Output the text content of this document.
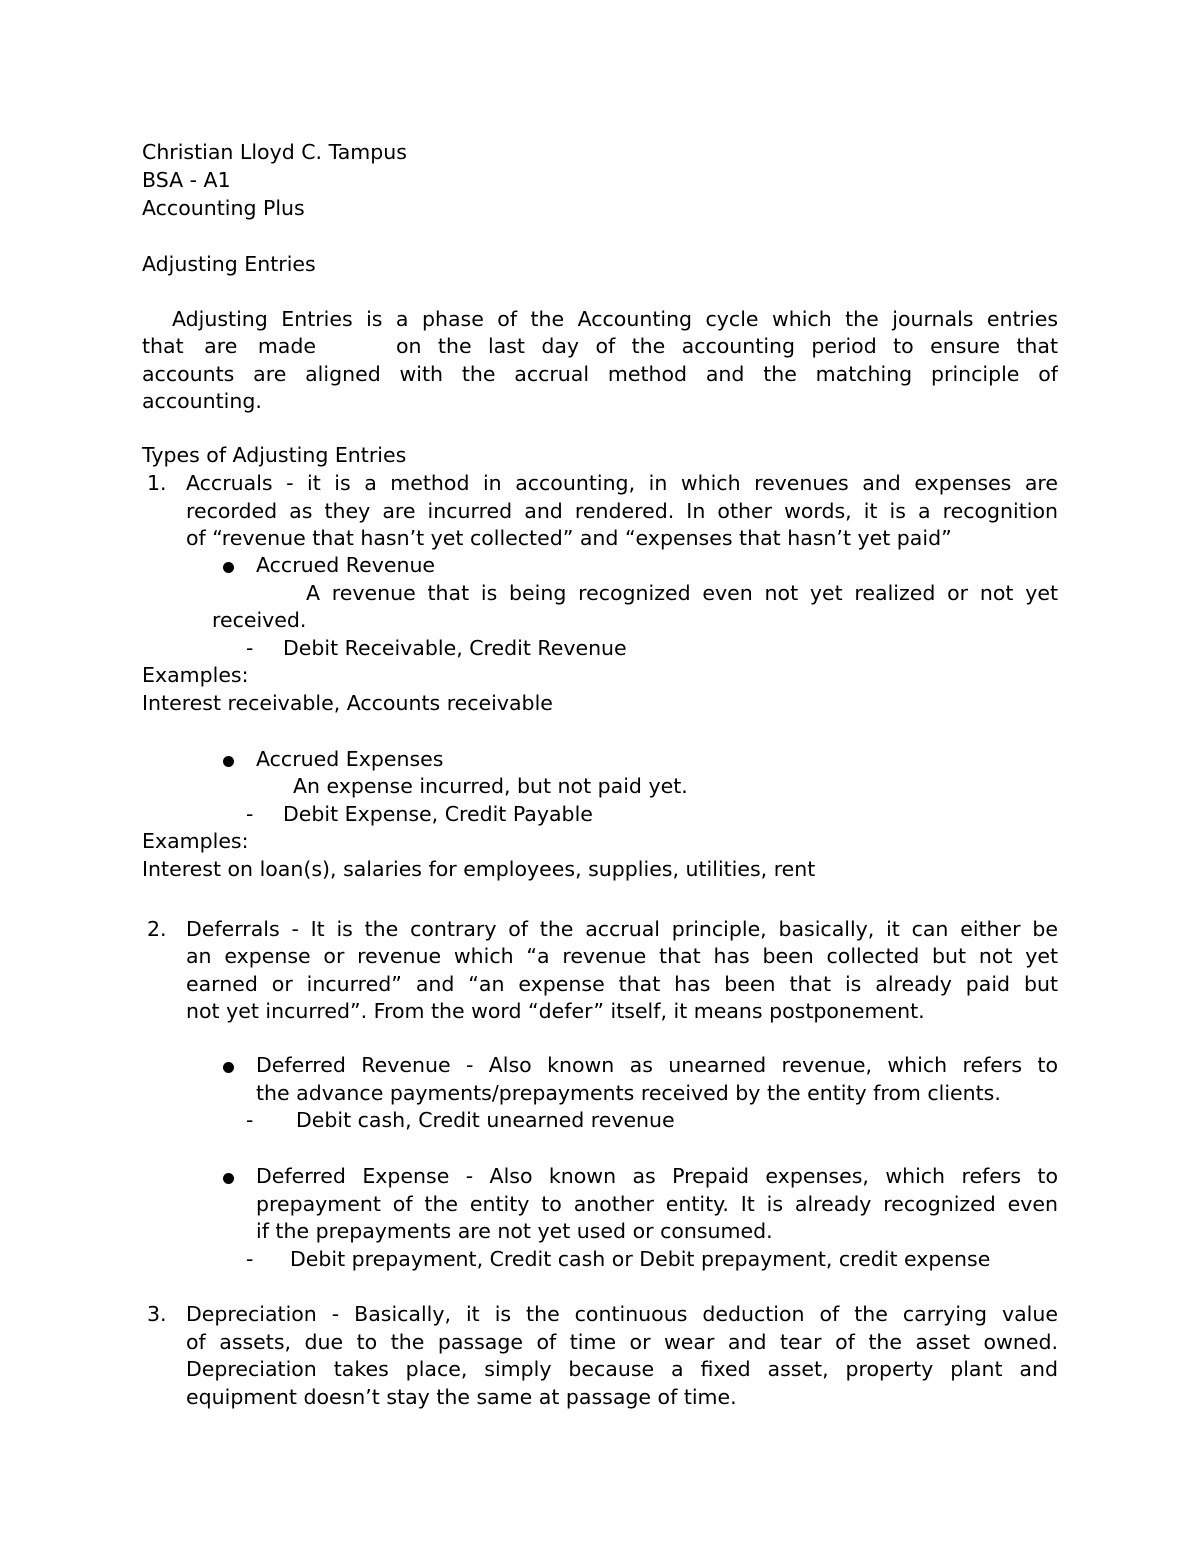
Christian Lloyd C. Tampus
BSA - A1
Accounting Plus
Adjusting Entries
Adjusting Entries is a phase of the Accounting cycle which the journals entries
that are made	on the last day of the accounting period to ensure that
accounts are aligned with the accrual method and the matching principle of
accounting.
Types of Adjusting Entries
1. Accruals - it is a method in accounting, in which revenues and expenses are
recorded as they are incurred and rendered. In other words, it is a recognition
of “revenue that hasn’t yet collected” and “expenses that hasn’t yet paid”
Accrued Revenue
A revenue that is being recognized even not yet realized or not yet
received.
- Debit Receivable, Credit Revenue
Examples:
Interest receivable, Accounts receivable
Accrued Expenses
An expense incurred, but not paid yet.
- Debit Expense, Credit Payable
Examples:
Interest on loan(s), salaries for employees, supplies, utilities, rent
2. Deferrals - It is the contrary of the accrual principle, basically, it can either be
an expense or revenue which “a revenue that has been collected but not yet
earned or incurred” and “an expense that has been that is already paid but
not yet incurred”. From the word “defer” itself, it means postponement.
Deferred Revenue - Also known as unearned revenue, which refers to
the advance payments/prepayments received by the entity from clients.
- Debit cash, Credit unearned revenue
Deferred Expense - Also known as Prepaid expenses, which refers to
prepayment of the entity to another entity. It is already recognized even
if the prepayments are not yet used or consumed.
- Debit prepayment, Credit cash or Debit prepayment, credit expense
3. Depreciation - Basically, it is the continuous deduction of the carrying value
of assets, due to the passage of time or wear and tear of the asset owned.
Depreciation takes place, simply because a fixed asset, property plant and
equipment doesn’t stay the same at passage of time.
